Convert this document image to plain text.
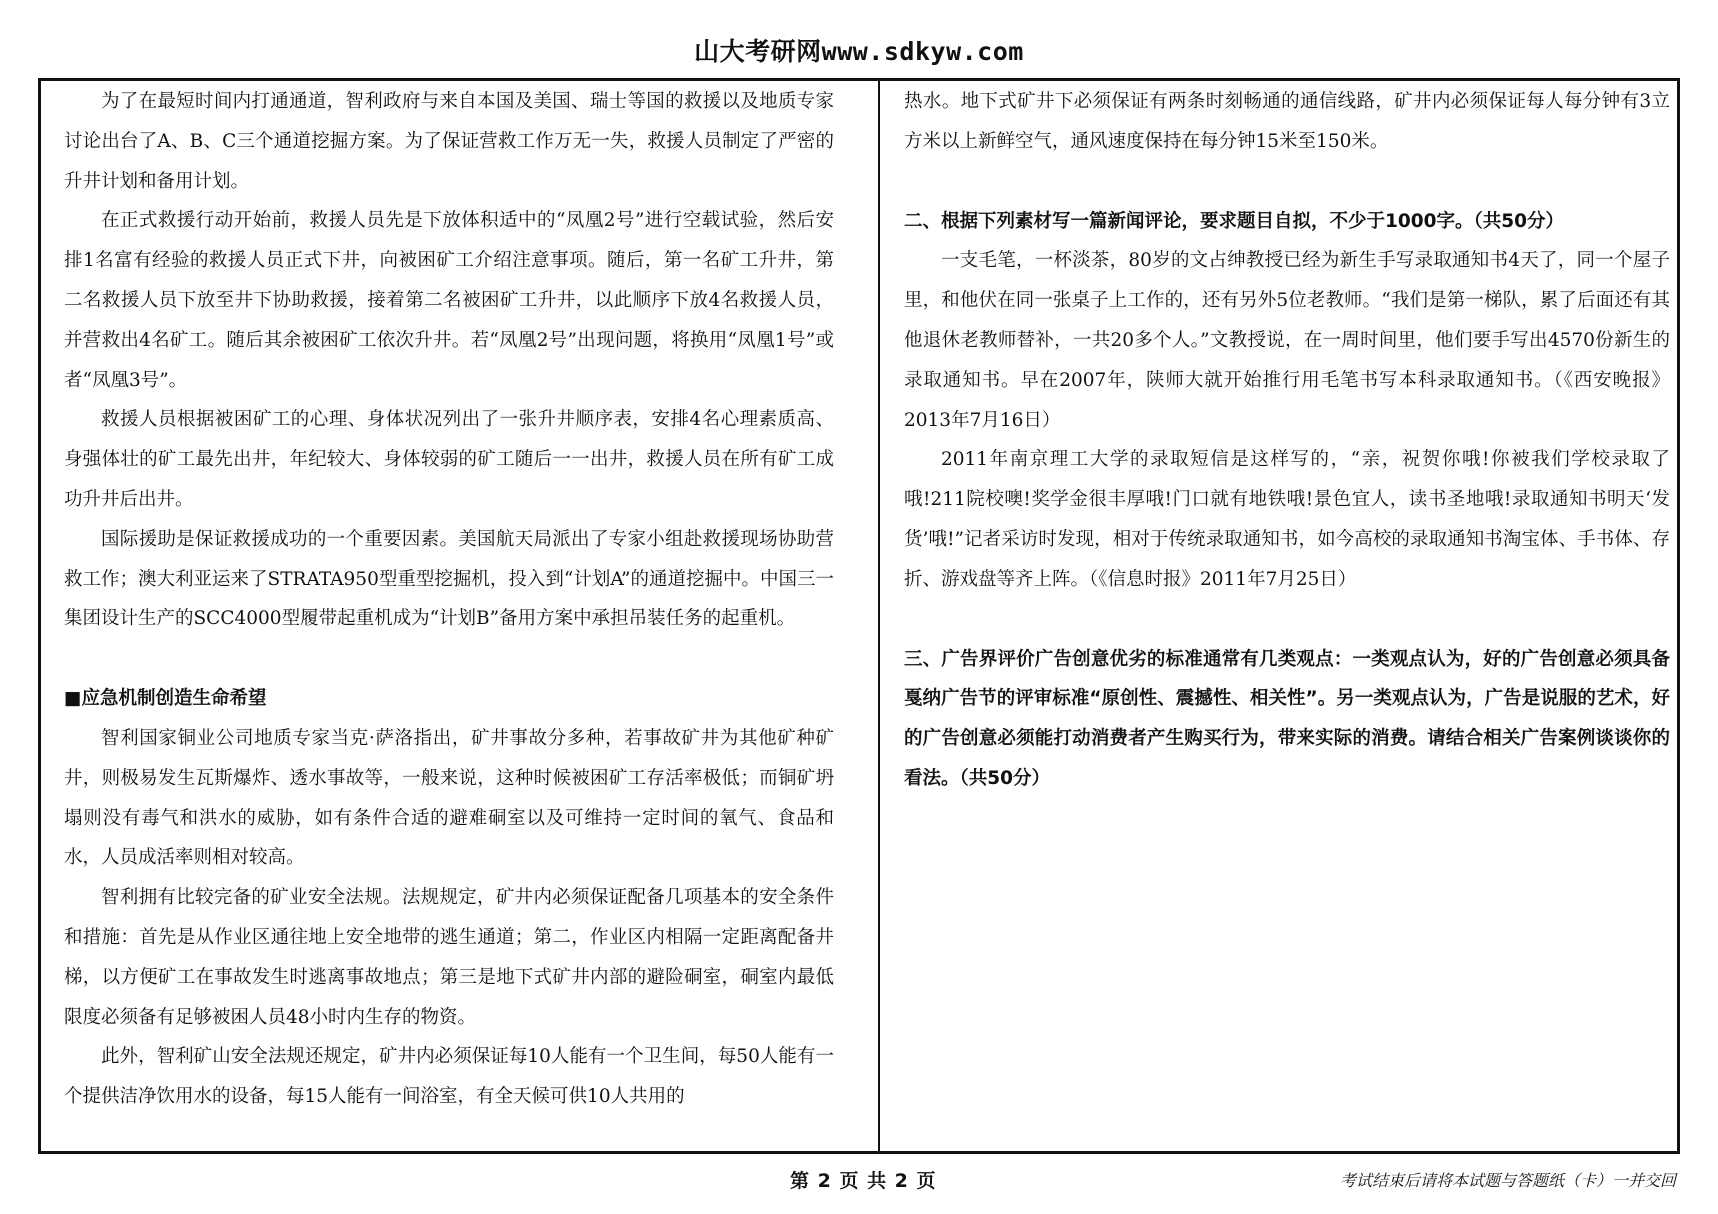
山大考研网www.sdkyw.com

为了在最短时间内打通通道，智利政府与来自本国及美国、瑞士等国的救援以及地质专家讨论出台了A、B、C三个通道挖掘方案。为了保证营救工作万无一失，救援人员制定了严密的升井计划和备用计划。

在正式救援行动开始前，救援人员先是下放体积适中的“凤凰2号”进行空载试验，然后安排1名富有经验的救援人员正式下井，向被困矿工介绍注意事项。随后，第一名矿工升井，第二名救援人员下放至井下协助救援，接着第二名被困矿工升井，以此顺序下放4名救援人员，并营救出4名矿工。随后其余被困矿工依次升井。若“凤凰2号”出现问题，将换用“凤凰1号”或者“凤凰3号”。

救援人员根据被困矿工的心理、身体状况列出了一张升井顺序表，安排4名心理素质高、身强体壮的矿工最先出井，年纪较大、身体较弱的矿工随后一一出井，救援人员在所有矿工成功升井后出井。

国际援助是保证救援成功的一个重要因素。美国航天局派出了专家小组赴救援现场协助营救工作；澳大利亚运来了STRATA950型重型挖掘机，投入到“计划A”的通道挖掘中。中国三一集团设计生产的SCC4000型履带起重机成为“计划B”备用方案中承担吊装任务的起重机。

■应急机制创造生命希望

智利国家铜业公司地质专家当克·萨洛指出，矿井事故分多种，若事故矿井为其他矿种矿井，则极易发生瓦斯爆炸、透水事故等，一般来说，这种时候被困矿工存活率极低；而铜矿坍塌则没有毒气和洪水的威胁，如有条件合适的避难硐室以及可维持一定时间的氧气、食品和水，人员成活率则相对较高。

智利拥有比较完备的矿业安全法规。法规规定，矿井内必须保证配备几项基本的安全条件和措施：首先是从作业区通往地上安全地带的逃生通道；第二，作业区内相隔一定距离配备井梯，以方便矿工在事故发生时逃离事故地点；第三是地下式矿井内部的避险硐室，硐室内最低限度必须备有足够被困人员48小时内生存的物资。

此外，智利矿山安全法规还规定，矿井内必须保证每10人能有一个卫生间，每50人能有一个提供洁净饮用水的设备，每15人能有一间浴室，有全天候可供10人共用的

热水。地下式矿井下必须保证有两条时刻畅通的通信线路，矿井内必须保证每人每分钟有3立方米以上新鲜空气，通风速度保持在每分钟15米至150米。

二、根据下列素材写一篇新闻评论，要求题目自拟，不少于1000字。（共50分）

一支毛笔，一杯淡茶，80岁的文占绅教授已经为新生手写录取通知书4天了，同一个屋子里，和他伏在同一张桌子上工作的，还有另外5位老教师。“我们是第一梯队，累了后面还有其他退休老教师替补，一共20多个人。”文教授说，在一周时间里，他们要手写出4570份新生的录取通知书。早在2007年，陕师大就开始推行用毛笔书写本科录取通知书。（《西安晚报》2013年7月16日）

2011年南京理工大学的录取短信是这样写的，“亲，祝贺你哦!你被我们学校录取了哦!211院校噢!奖学金很丰厚哦!门口就有地铁哦!景色宜人，读书圣地哦!录取通知书明天‘发货’哦!”记者采访时发现，相对于传统录取通知书，如今高校的录取通知书淘宝体、手书体、存折、游戏盘等齐上阵。（《信息时报》2011年7月25日）

三、广告界评价广告创意优劣的标准通常有几类观点：一类观点认为，好的广告创意必须具备戛纳广告节的评审标准“原创性、震撼性、相关性”。另一类观点认为，广告是说服的艺术，好的广告创意必须能打动消费者产生购买行为，带来实际的消费。请结合相关广告案例谈谈你的看法。（共50分）

第 2 页 共 2 页	考试结束后请将本试题与答题纸（卡）一并交回
